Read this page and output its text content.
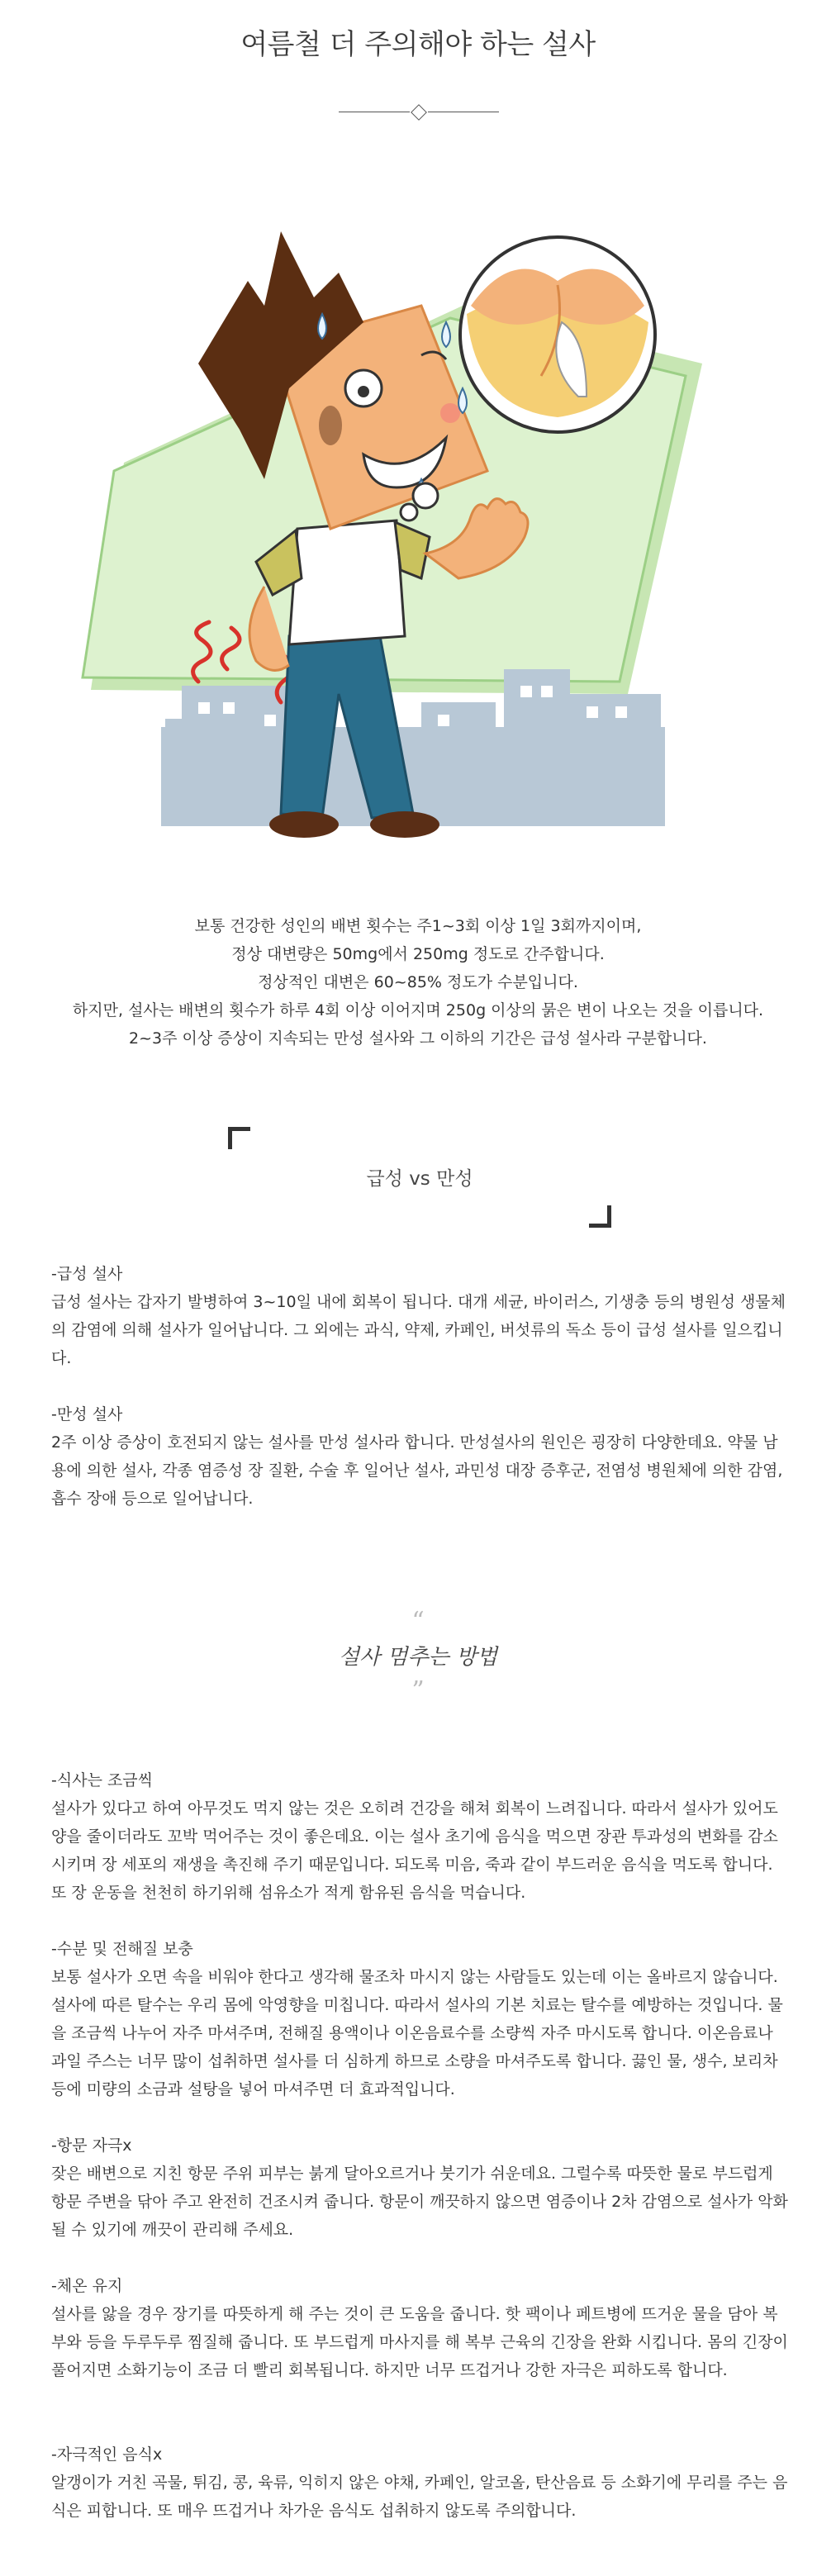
여름철 더 주의해야 하는 설사

보통 건강한 성인의 배변 횟수는 주1~3회 이상 1일 3회까지이며,

정상 대변량은 50mg에서 250mg 정도로 간주합니다.

정상적인 대변은 60~85% 정도가 수분입니다.

하지만, 설사는 배변의 횟수가 하루 4회 이상 이어지며 250g 이상의 묽은 변이 나오는 것을 이릅니다.

2~3주 이상 증상이 지속되는 만성 설사와 그 이하의 기간은 급성 설사라 구분합니다.

급성 vs 만성

-급성 설사

급성 설사는 갑자기 발병하여 3~10일 내에 회복이 됩니다. 대개 세균, 바이러스, 기생충 등의 병원성 생물체의 감염에 의해 설사가 일어납니다. 그 외에는 과식, 약제, 카페인, 버섯류의 독소 등이 급성 설사를 일으킵니다.

-만성 설사

2주 이상 증상이 호전되지 않는 설사를 만성 설사라 합니다. 만성설사의 원인은 굉장히 다양한데요. 약물 남용에 의한 설사, 각종 염증성 장 질환, 수술 후 일어난 설사, 과민성 대장 증후군, 전염성 병원체에 의한 감염, 흡수 장애 등으로 일어납니다.

“
설사 멈추는 방법
”

-식사는 조금씩

설사가 있다고 하여 아무것도 먹지 않는 것은 오히려 건강을 해쳐 회복이 느려집니다. 따라서 설사가 있어도 양을 줄이더라도 꼬박 먹어주는 것이 좋은데요. 이는 설사 초기에 음식을 먹으면 장관 투과성의 변화를 감소시키며 장 세포의 재생을 촉진해 주기 때문입니다. 되도록 미음, 죽과 같이 부드러운 음식을 먹도록 합니다. 또 장 운동을 천천히 하기위해 섬유소가 적게 함유된 음식을 먹습니다.

-수분 및 전해질 보충

보통 설사가 오면 속을 비워야 한다고 생각해 물조차 마시지 않는 사람들도 있는데 이는 올바르지 않습니다. 설사에 따른 탈수는 우리 몸에 악영향을 미칩니다. 따라서 설사의 기본 치료는 탈수를 예방하는 것입니다. 물을 조금씩 나누어 자주 마셔주며, 전해질 용액이나 이온음료수를 소량씩 자주 마시도록 합니다. 이온음료나 과일 주스는 너무 많이 섭취하면 설사를 더 심하게 하므로 소량을 마셔주도록 합니다. 끓인 물, 생수, 보리차 등에 미량의 소금과 설탕을 넣어 마셔주면 더 효과적입니다.

-항문 자극x

잦은 배변으로 지친 항문 주위 피부는 붉게 달아오르거나 붓기가 쉬운데요. 그럴수록 따뜻한 물로 부드럽게 항문 주변을 닦아 주고 완전히 건조시켜 줍니다. 항문이 깨끗하지 않으면 염증이나 2차 감염으로 설사가 악화될 수 있기에 깨끗이 관리해 주세요.

-체온 유지

설사를 앓을 경우 장기를 따뜻하게 해 주는 것이 큰 도움을 줍니다. 핫 팩이나 페트병에 뜨거운 물을 담아 복부와 등을 두루두루 찜질해 줍니다. 또 부드럽게 마사지를 해 복부 근육의 긴장을 완화 시킵니다. 몸의 긴장이 풀어지면 소화기능이 조금 더 빨리 회복됩니다. 하지만 너무 뜨겁거나 강한 자극은 피하도록 합니다.

-자극적인 음식x

알갱이가 거친 곡물, 튀김, 콩, 육류, 익히지 않은 야채, 카페인, 알코올, 탄산음료 등 소화기에 무리를 주는 음식은 피합니다. 또 매우 뜨겁거나 차가운 음식도 섭취하지 않도록 주의합니다.
